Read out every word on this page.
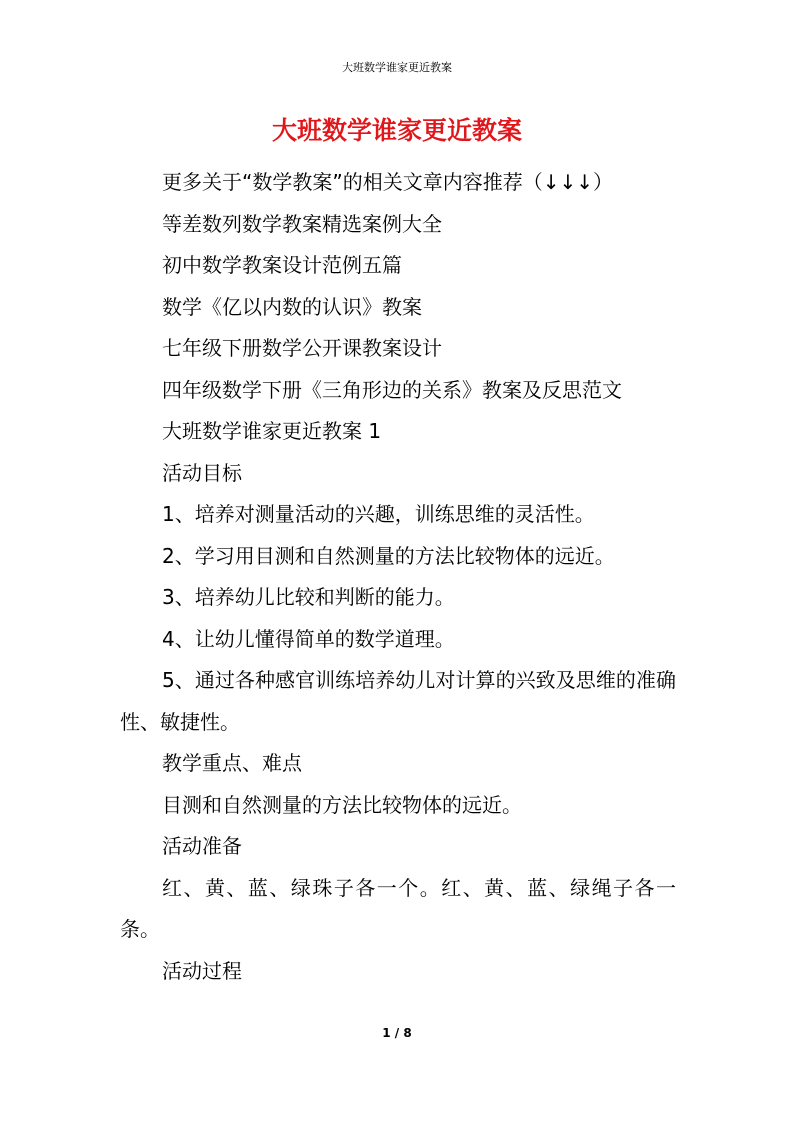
大班数学谁家更近教案
大班数学谁家更近教案

更多关于“数学教案”的相关文章内容推荐（↓↓↓）

等差数列数学教案精选案例大全

初中数学教案设计范例五篇

数学《亿以内数的认识》教案

七年级下册数学公开课教案设计

四年级数学下册《三角形边的关系》教案及反思范文

大班数学谁家更近教案 1

活动目标

1、培养对测量活动的兴趣，训练思维的灵活性。

2、学习用目测和自然测量的方法比较物体的远近。

3、培养幼儿比较和判断的能力。

4、让幼儿懂得简单的数学道理。

5、通过各种感官训练培养幼儿对计算的兴致及思维的准确性、敏捷性。

教学重点、难点

目测和自然测量的方法比较物体的远近。

活动准备

红、黄、蓝、绿珠子各一个。红、黄、蓝、绿绳子各一条。

活动过程

1 / 8
